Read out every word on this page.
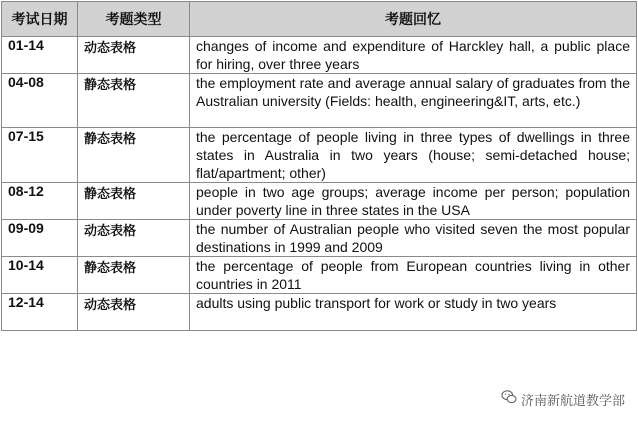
考试日期	考题类型	考题回忆
01-14	动态表格	changes of income and expenditure of Harckley hall, a public place for hiring, over three years
04-08	静态表格	the employment rate and average annual salary of graduates from the Australian university (Fields: health, engineering&IT, arts, etc.)
07-15	静态表格	the percentage of people living in three types of dwellings in three states in Australia in two years (house; semi-detached house; flat/apartment; other)
08-12	静态表格	people in two age groups; average income per person; population under poverty line in three states in the USA
09-09	动态表格	the number of Australian people who visited seven the most popular destinations in 1999 and 2009
10-14	静态表格	the percentage of people from European countries living in other countries in 2011
12-14	动态表格	adults using public transport for work or study in two years
济南新航道教学部
